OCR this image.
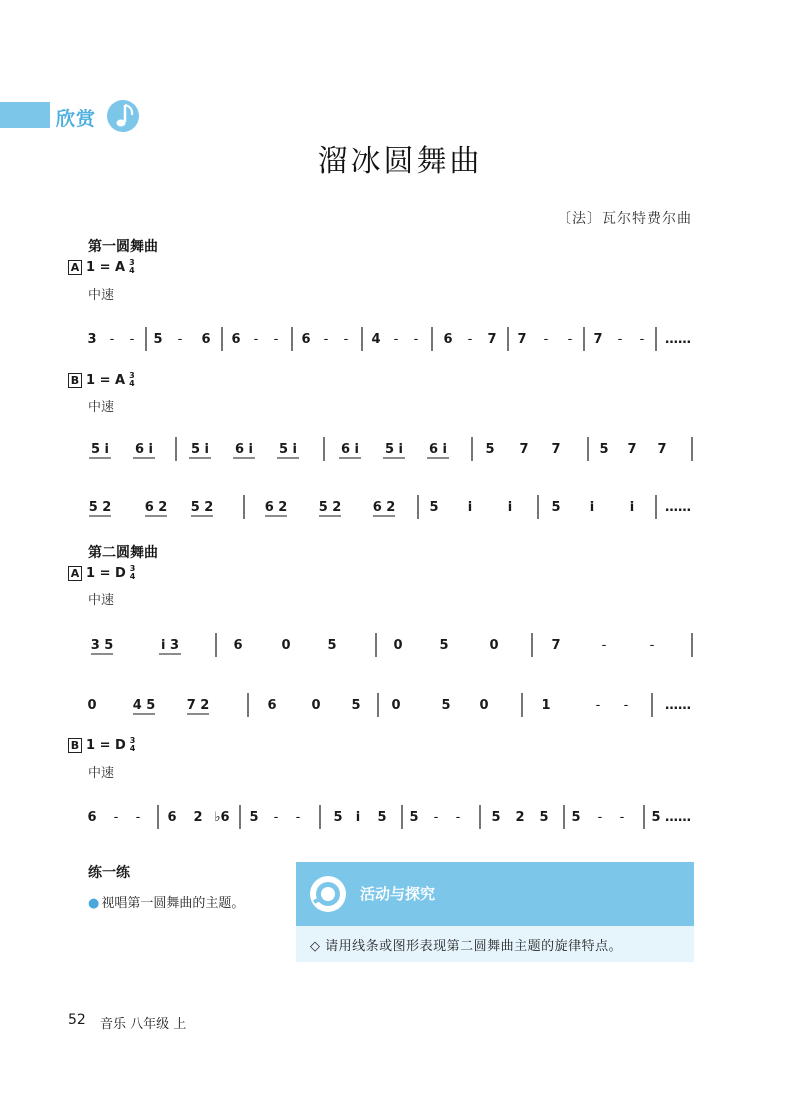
欣赏
溜冰圆舞曲
〔法〕瓦尔特费尔曲
第一圆舞曲
A 1 = A 3
4
中速
3 - - 5 - 6 6 - - 6 - - 4 - - 6 - 7 7 - - 7 - - ……
B 1 = A 3
4
中速
5 i 6 i	5 i 6 i 5 i	6 i 5 i 6 i	5 7 7	5 7 7
5 2	6 2 5 2	6 2 5 2 6 2	5 i	i	5 i	i ……
第二圆舞曲
A 1 = D 3
4
中速
3 5	i 3	6	0	5	0	5	0	7	-	-
0	4 5 7 2	6	0 5 0	5 0	1	- -	……
B 1 = D 3
4
中速
6 - - 6 2 ♭6 5 - -	5 i 5 5 - - 5 2 5 5 - - 5 ……
练一练
● 视唱第一圆舞曲的主题。
活动与探究
◇ 请用线条或图形表现第二圆舞曲主题的旋律特点。
52 音乐 八年级 上
